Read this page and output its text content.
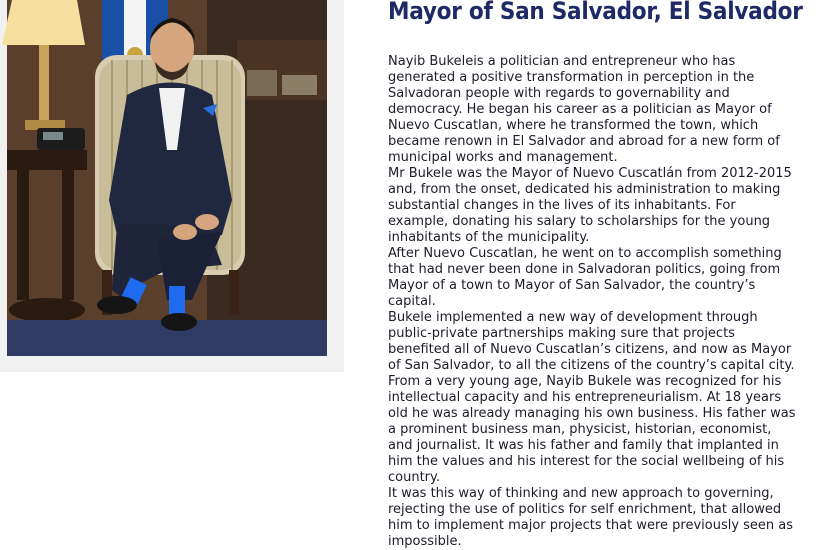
Mayor of San Salvador, El Salvador

Nayib Bukeleis a politician and entrepreneur who has generated a positive transformation in perception in the Salvadoran people with regards to governability and democracy. He began his career as a politician as Mayor of Nuevo Cuscatlan, where he transformed the town, which became renown in El Salvador and abroad for a new form of municipal works and management.

Mr Bukele was the Mayor of Nuevo Cuscatlán from 2012-2015 and, from the onset, dedicated his administration to making substantial changes in the lives of its inhabitants. For example, donating his salary to scholarships for the young inhabitants of the municipality.

After Nuevo Cuscatlan, he went on to accomplish something that had never been done in Salvadoran politics, going from Mayor of a town to Mayor of San Salvador, the country’s capital.

Bukele implemented a new way of development through public-private partnerships making sure that projects benefited all of Nuevo Cuscatlan’s citizens, and now as Mayor of San Salvador, to all the citizens of the country’s capital city.

From a very young age, Nayib Bukele was recognized for his intellectual capacity and his entrepreneurialism. At 18 years old he was already managing his own business. His father was a prominent business man, physicist, historian, economist, and journalist. It was his father and family that implanted in him the values and his interest for the social wellbeing of his country.

It was this way of thinking and new approach to governing, rejecting the use of politics for self enrichment, that allowed him to implement major projects that were previously seen as impossible.
